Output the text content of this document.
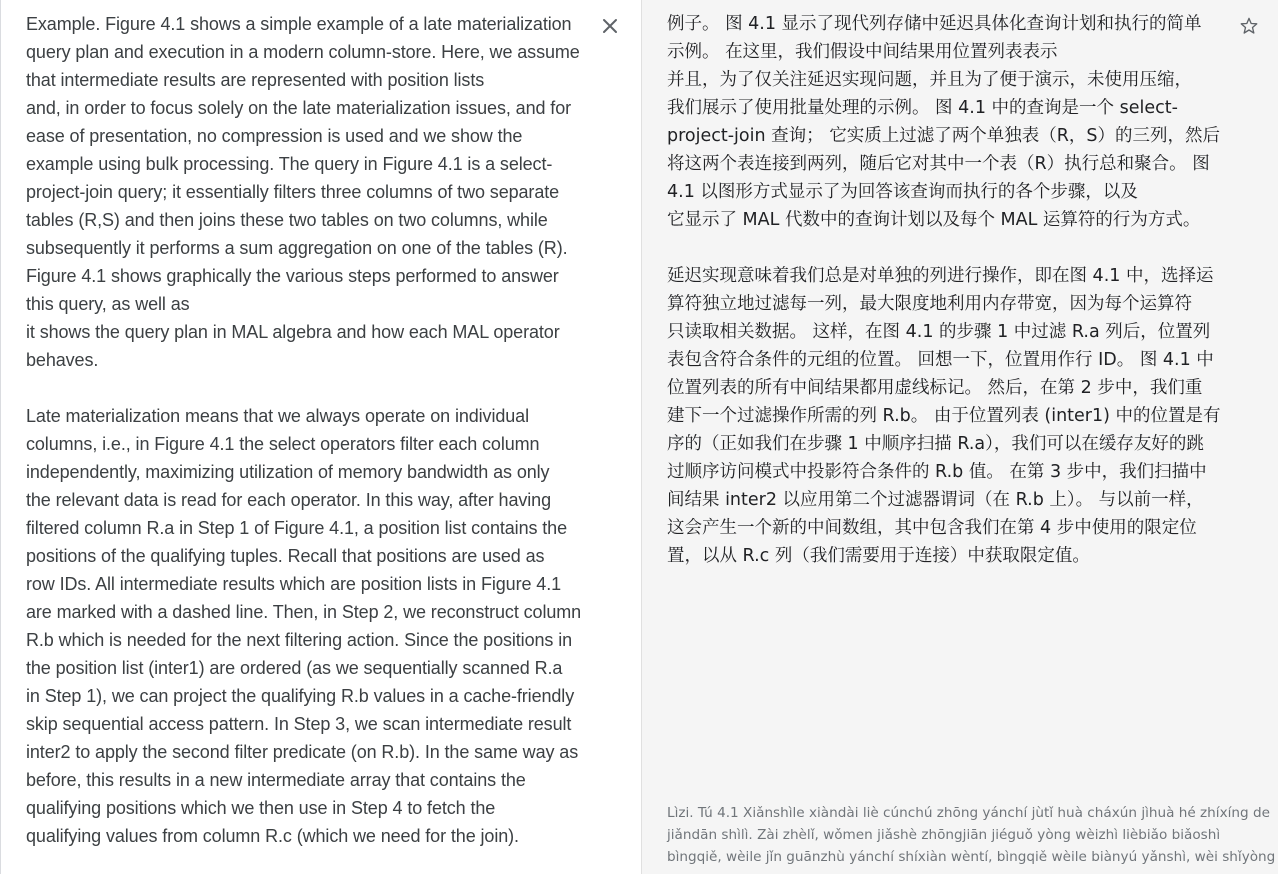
Example. Figure 4.1 shows a simple example of a late materialization
query plan and execution in a modern column-store. Here, we assume
that intermediate results are represented with position lists
and, in order to focus solely on the late materialization issues, and for
ease of presentation, no compression is used and we show the
example using bulk processing. The query in Figure 4.1 is a select-
project-join query; it essentially filters three columns of two separate
tables (R,S) and then joins these two tables on two columns, while
subsequently it performs a sum aggregation on one of the tables (R).
Figure 4.1 shows graphically the various steps performed to answer
this query, as well as
it shows the query plan in MAL algebra and how each MAL operator
behaves.

Late materialization means that we always operate on individual
columns, i.e., in Figure 4.1 the select operators filter each column
independently, maximizing utilization of memory bandwidth as only
the relevant data is read for each operator. In this way, after having
filtered column R.a in Step 1 of Figure 4.1, a position list contains the
positions of the qualifying tuples. Recall that positions are used as
row IDs. All intermediate results which are position lists in Figure 4.1
are marked with a dashed line. Then, in Step 2, we reconstruct column
R.b which is needed for the next filtering action. Since the positions in
the position list (inter1) are ordered (as we sequentially scanned R.a
in Step 1), we can project the qualifying R.b values in a cache-friendly
skip sequential access pattern. In Step 3, we scan intermediate result
inter2 to apply the second filter predicate (on R.b). In the same way as
before, this results in a new intermediate array that contains the
qualifying positions which we then use in Step 4 to fetch the
qualifying values from column R.c (which we need for the join).

例子。 图 4.1 显示了现代列存储中延迟具体化查询计划和执行的简单
示例。 在这里，我们假设中间结果用位置列表表示
并且，为了仅关注延迟实现问题，并且为了便于演示，未使用压缩，
我们展示了使用批量处理的示例。 图 4.1 中的查询是一个 select-
project-join 查询； 它实质上过滤了两个单独表（R，S）的三列，然后
将这两个表连接到两列，随后它对其中一个表（R）执行总和聚合。 图
4.1 以图形方式显示了为回答该查询而执行的各个步骤，以及
它显示了 MAL 代数中的查询计划以及每个 MAL 运算符的行为方式。

延迟实现意味着我们总是对单独的列进行操作，即在图 4.1 中，选择运
算符独立地过滤每一列，最大限度地利用内存带宽，因为每个运算符
只读取相关数据。 这样，在图 4.1 的步骤 1 中过滤 R.a 列后，位置列
表包含符合条件的元组的位置。 回想一下，位置用作行 ID。 图 4.1 中
位置列表的所有中间结果都用虚线标记。 然后，在第 2 步中，我们重
建下一个过滤操作所需的列 R.b。 由于位置列表 (inter1) 中的位置是有
序的（正如我们在步骤 1 中顺序扫描 R.a），我们可以在缓存友好的跳
过顺序访问模式中投影符合条件的 R.b 值。 在第 3 步中，我们扫描中
间结果 inter2 以应用第二个过滤器谓词（在 R.b 上）。 与以前一样，
这会产生一个新的中间数组，其中包含我们在第 4 步中使用的限定位
置，以从 R.c 列（我们需要用于连接）中获取限定值。

Lìzi. Tú 4.1 Xiǎnshìle xiàndài liè cúnchú zhōng yánchí jùtǐ huà cháxún jìhuà hé zhíxíng de
jiǎndān shìlì. Zài zhèlǐ, wǒmen jiǎshè zhōngjiān jiéguǒ yòng wèizhì lièbiǎo biǎoshì
bìngqiě, wèile jǐn guānzhù yánchí shíxiàn wèntí, bìngqiě wèile biànyú yǎnshì, wèi shǐyòng
